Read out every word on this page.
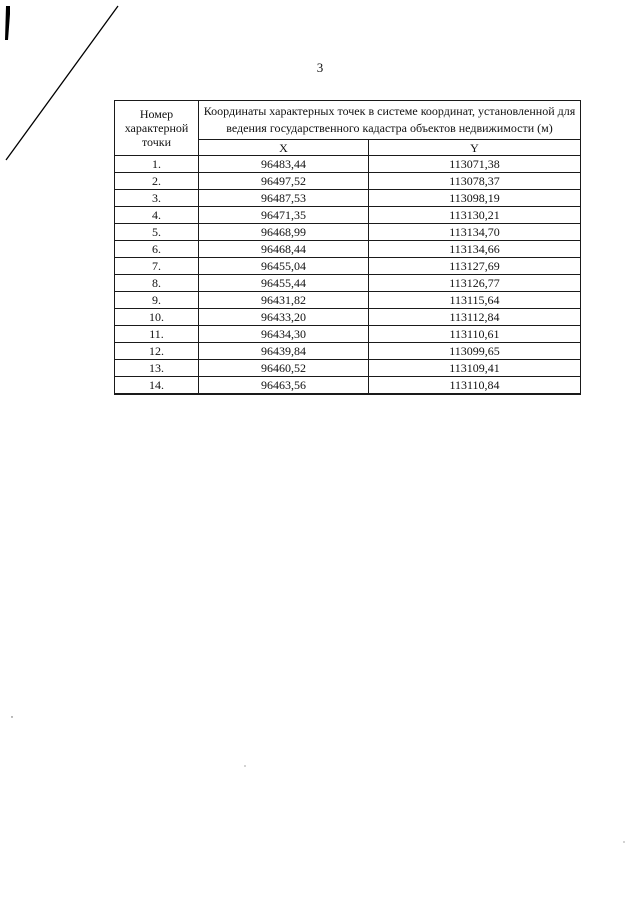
3
Номер характерной точки	Координаты характерных точек в системе координат, установленной для ведения государственного кадастра объектов недвижимости (м)	
	X	Y
1.	96483,44	113071,38
2.	96497,52	113078,37
3.	96487,53	113098,19
4.	96471,35	113130,21
5.	96468,99	113134,70
6.	96468,44	113134,66
7.	96455,04	113127,69
8.	96455,44	113126,77
9.	96431,82	113115,64
10.	96433,20	113112,84
11.	96434,30	113110,61
12.	96439,84	113099,65
13.	96460,52	113109,41
14.	96463,56	113110,84
